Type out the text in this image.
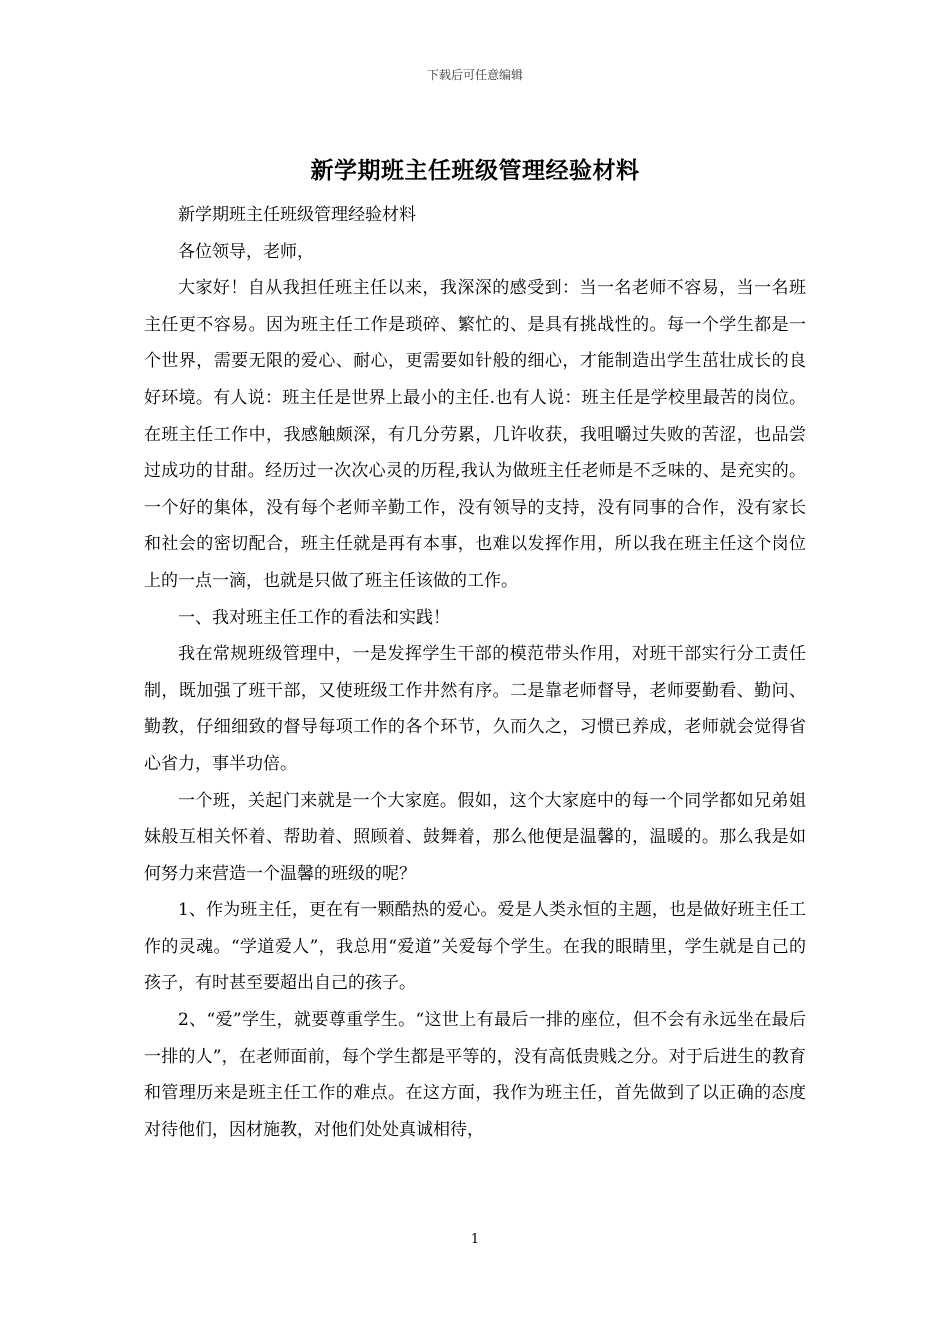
下载后可任意编辑
新学期班主任班级管理经验材料

新学期班主任班级管理经验材料

各位领导，老师，

大家好！自从我担任班主任以来，我深深的感受到：当一名老师不容易，当一名班主任更不容易。因为班主任工作是琐碎、繁忙的、是具有挑战性的。每一个学生都是一个世界，需要无限的爱心、耐心，更需要如针般的细心，才能制造出学生茁壮成长的良好环境。有人说：班主任是世界上最小的主任.也有人说：班主任是学校里最苦的岗位。在班主任工作中，我感触颇深，有几分劳累，几许收获，我咀嚼过失败的苦涩，也品尝过成功的甘甜。经历过一次次心灵的历程,我认为做班主任老师是不乏味的、是充实的。一个好的集体，没有每个老师辛勤工作，没有领导的支持，没有同事的合作，没有家长和社会的密切配合，班主任就是再有本事，也难以发挥作用，所以我在班主任这个岗位上的一点一滴，也就是只做了班主任该做的工作。

一、我对班主任工作的看法和实践！

我在常规班级管理中，一是发挥学生干部的模范带头作用，对班干部实行分工责任制，既加强了班干部，又使班级工作井然有序。二是靠老师督导，老师要勤看、勤问、勤教，仔细细致的督导每项工作的各个环节，久而久之，习惯已养成，老师就会觉得省心省力，事半功倍。

一个班，关起门来就是一个大家庭。假如，这个大家庭中的每一个同学都如兄弟姐妹般互相关怀着、帮助着、照顾着、鼓舞着，那么他便是温馨的，温暖的。那么我是如何努力来营造一个温馨的班级的呢？

1、作为班主任，更在有一颗酷热的爱心。爱是人类永恒的主题，也是做好班主任工作的灵魂。“学道爱人”，我总用“爱道”关爱每个学生。在我的眼睛里，学生就是自己的孩子，有时甚至要超出自己的孩子。

2、“爱”学生，就要尊重学生。“这世上有最后一排的座位，但不会有永远坐在最后一排的人”，在老师面前，每个学生都是平等的，没有高低贵贱之分。对于后进生的教育和管理历来是班主任工作的难点。在这方面，我作为班主任，首先做到了以正确的态度对待他们，因材施教，对他们处处真诚相待，

1
